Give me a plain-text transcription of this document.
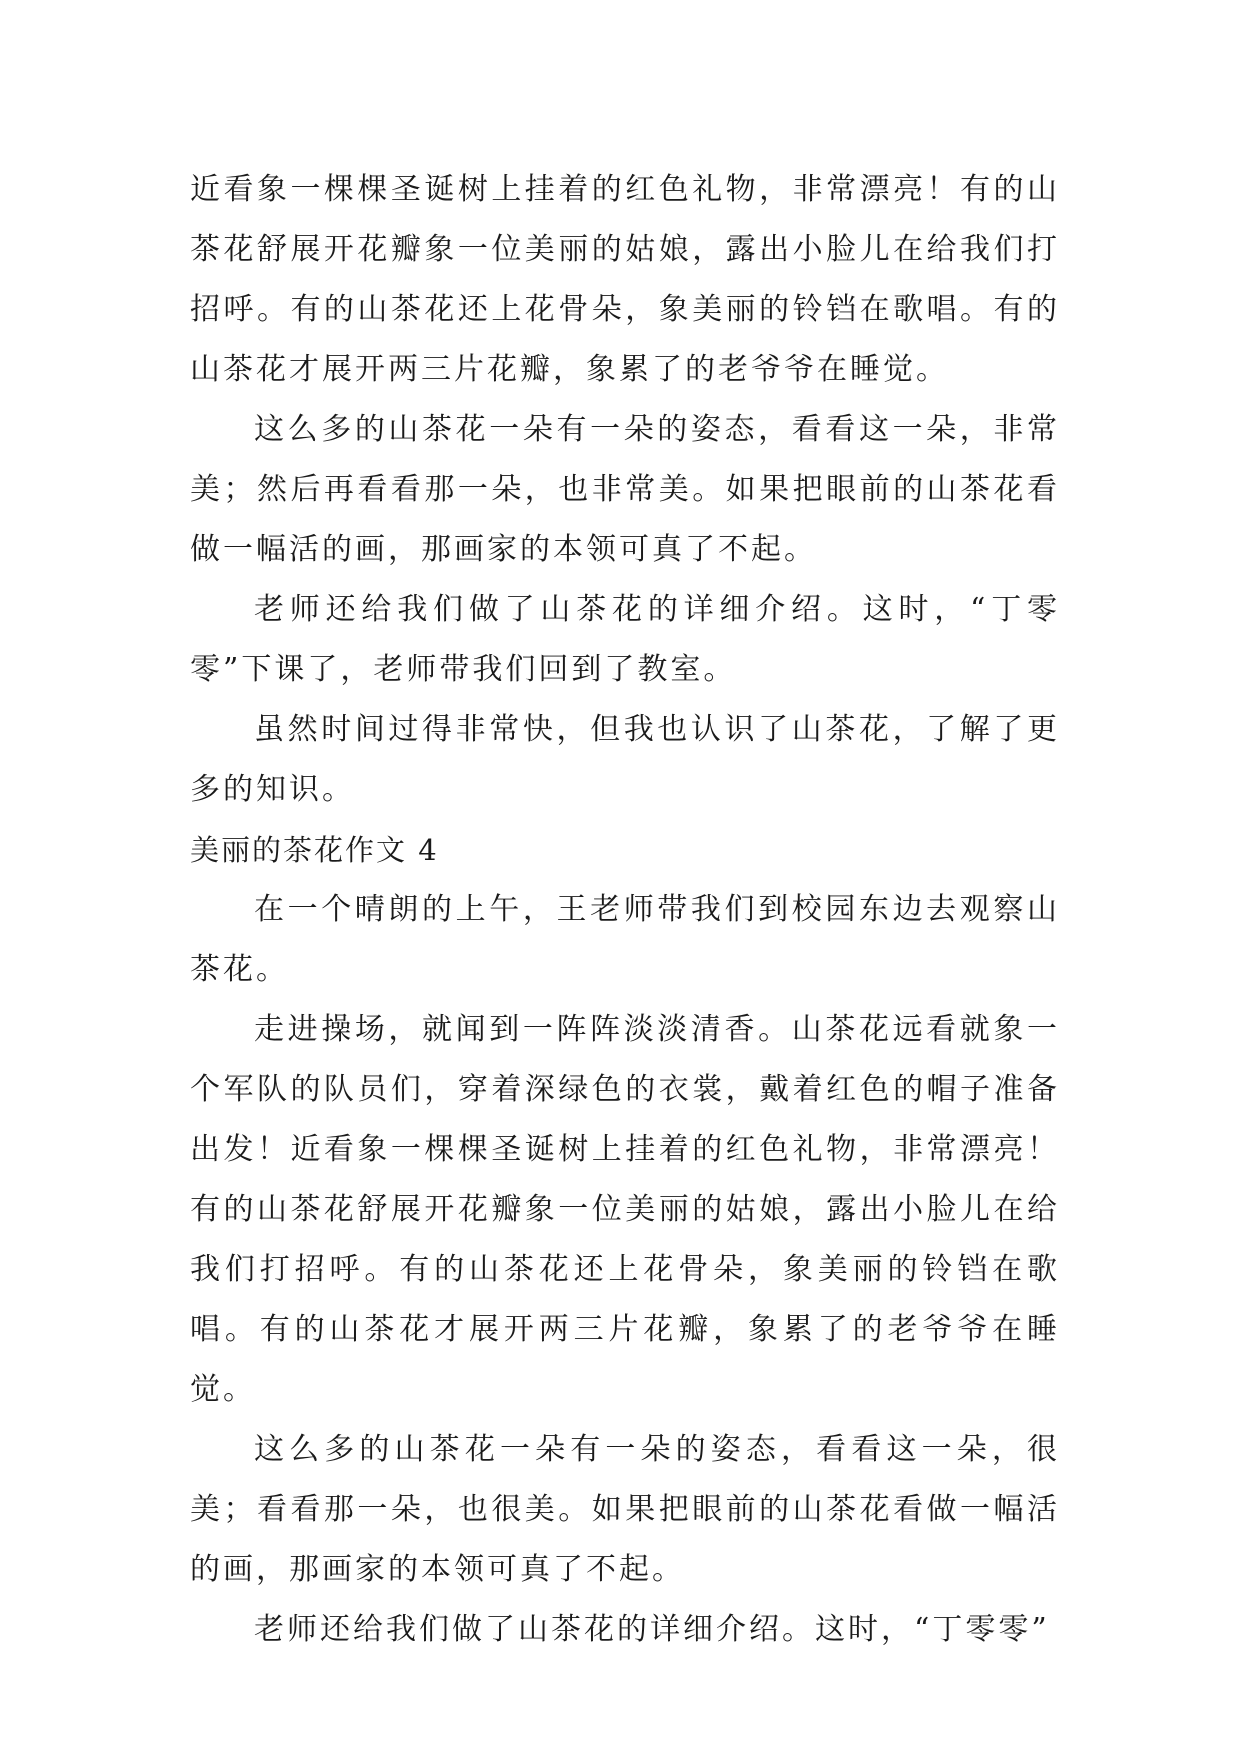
近看象一棵棵圣诞树上挂着的红色礼物，非常漂亮！有的山茶花舒展开花瓣象一位美丽的姑娘，露出小脸儿在给我们打招呼。有的山茶花还上花骨朵，象美丽的铃铛在歌唱。有的山茶花才展开两三片花瓣，象累了的老爷爷在睡觉。

这么多的山茶花一朵有一朵的姿态，看看这一朵，非常美；然后再看看那一朵，也非常美。如果把眼前的山茶花看做一幅活的画，那画家的本领可真了不起。

老师还给我们做了山茶花的详细介绍。这时，“丁零零”下课了，老师带我们回到了教室。

虽然时间过得非常快，但我也认识了山茶花，了解了更多的知识。

美丽的茶花作文 4

在一个晴朗的上午，王老师带我们到校园东边去观察山茶花。

走进操场，就闻到一阵阵淡淡清香。山茶花远看就象一个军队的队员们，穿着深绿色的衣裳，戴着红色的帽子准备出发！近看象一棵棵圣诞树上挂着的红色礼物，非常漂亮！有的山茶花舒展开花瓣象一位美丽的姑娘，露出小脸儿在给我们打招呼。有的山茶花还上花骨朵，象美丽的铃铛在歌唱。有的山茶花才展开两三片花瓣，象累了的老爷爷在睡觉。

这么多的山茶花一朵有一朵的姿态，看看这一朵，很美；看看那一朵，也很美。如果把眼前的山茶花看做一幅活的画，那画家的本领可真了不起。

老师还给我们做了山茶花的详细介绍。这时，“丁零零”
